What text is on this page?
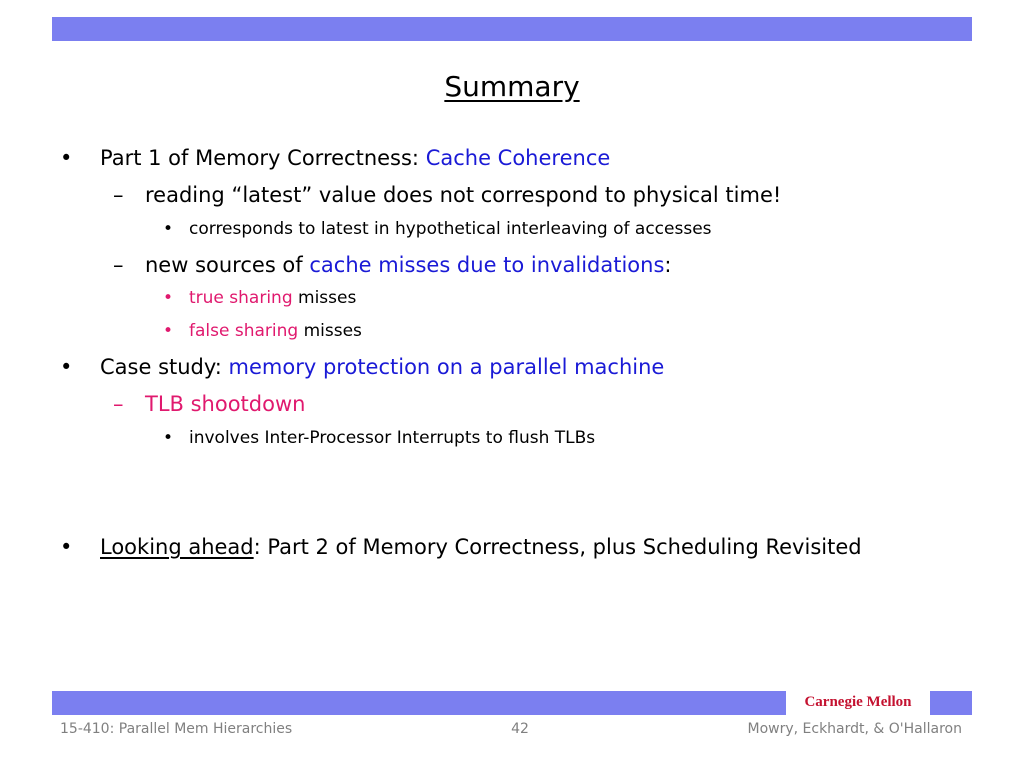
Summary
• Part 1 of Memory Correctness: Cache Coherence
– reading “latest” value does not correspond to physical time!
• corresponds to latest in hypothetical interleaving of accesses
– new sources of cache misses due to invalidations:
• true sharing misses
• false sharing misses
• Case study: memory protection on a parallel machine
– TLB shootdown
• involves Inter-Processor Interrupts to flush TLBs
• Looking ahead: Part 2 of Memory Correctness, plus Scheduling Revisited
Carnegie Mellon
15-410: Parallel Mem Hierarchies	42	Mowry, Eckhardt, & O'Hallaron
